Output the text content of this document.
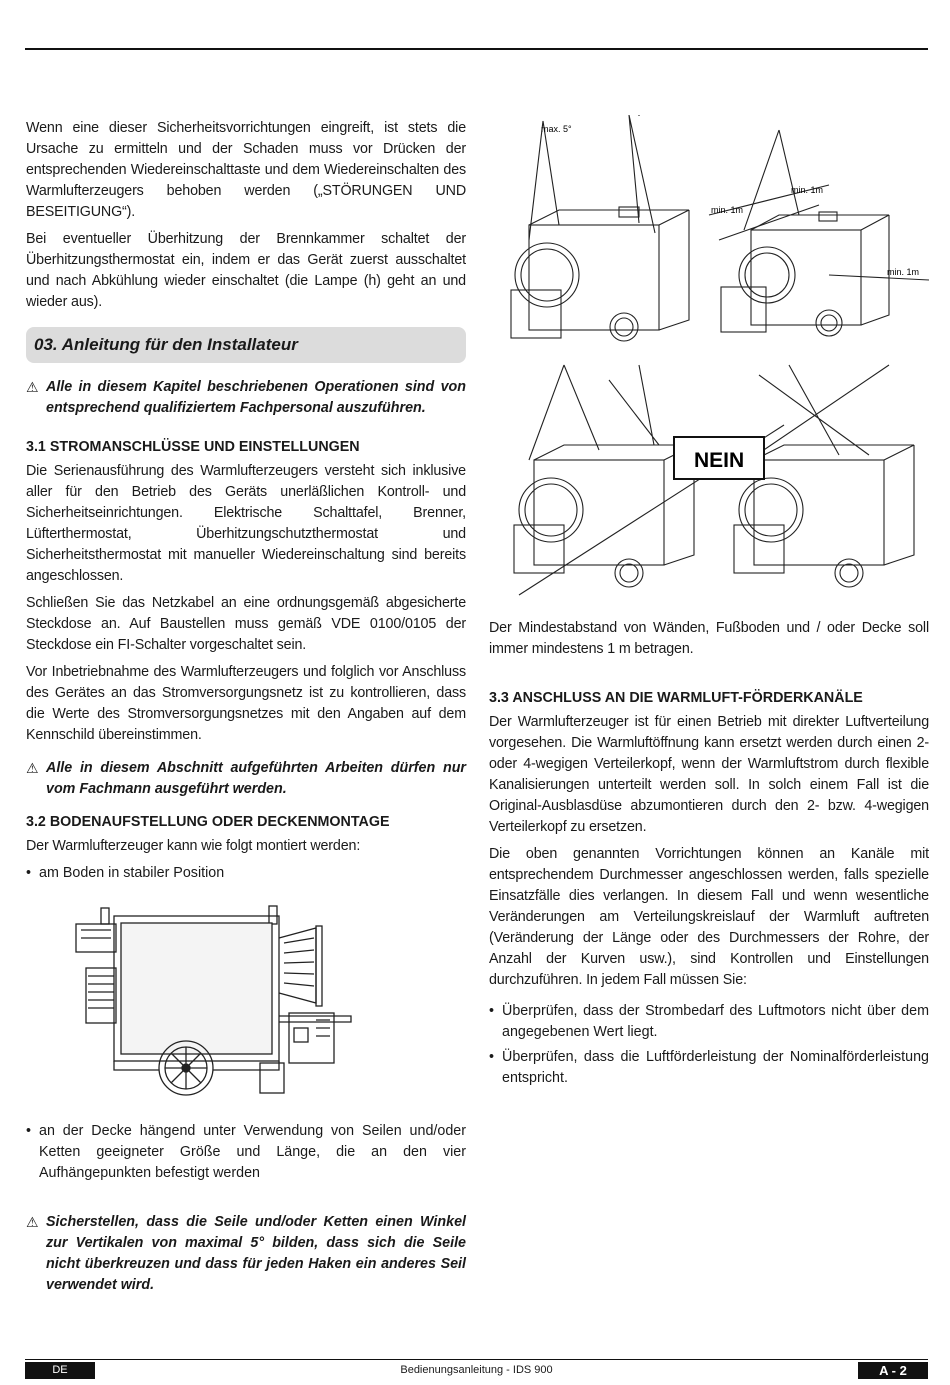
Wenn eine dieser Sicherheitsvorrichtungen eingreift, ist stets die Ursache zu ermitteln und der Schaden muss vor Drücken der entsprechenden Wiedereinschalttaste und dem Wiedereinschalten des Warmlufterzeugers behoben werden („STÖRUNGEN UND BESEITIGUNG“).

Bei eventueller Überhitzung der Brennkammer schaltet der Überhitzungsthermostat ein, indem er das Gerät zuerst ausschaltet und nach Abkühlung wieder einschaltet (die Lampe (h) geht an und wieder aus).

03. Anleitung für den Installateur
⚠ Alle in diesem Kapitel beschriebenen Operationen sind von entsprechend qualifiziertem Fachpersonal auszuführen.
3.1 STROMANSCHLÜSSE UND EINSTELLUNGEN

Die Serienausführung des Warmlufterzeugers versteht sich inklusive aller für den Betrieb des Geräts unerläßlichen Kontroll- und Sicherheitseinrichtungen. Elektrische Schalttafel, Brenner, Lüfterthermostat, Überhitzungschutzthermostat und Sicherheitsthermostat mit manueller Wiedereinschaltung sind bereits angeschlossen.

Schließen Sie das Netzkabel an eine ordnungsgemäß abgesicherte Steckdose an. Auf Baustellen muss gemäß VDE 0100/0105 der Steckdose ein FI-Schalter vorgeschaltet sein.

Vor Inbetriebnahme des Warmlufterzeugers und folglich vor Anschluss des Gerätes an das Stromversorgungsnetz ist zu kontrollieren, dass die Werte des Stromversorgungsnetzes mit den Angaben auf dem Kennschild übereinstimmen.

⚠ Alle in diesem Abschnitt aufgeführten Arbeiten dürfen nur vom Fachmann ausgeführt werden.
3.2 BODENAUFSTELLUNG ODER DECKENMONTAGE

Der Warmlufterzeuger kann wie folgt montiert werden:

• am Boden in stabiler Position
• an der Decke hängend unter Verwendung von Seilen und/oder Ketten geeigneter Größe und Länge, die an den vier Aufhängepunkten befestigt werden
⚠ Sicherstellen, dass die Seile und/oder Ketten einen Winkel zur Vertikalen von maximal 5° bilden, dass sich die Seile nicht überkreuzen und dass für jeden Haken ein anderes Seil verwendet wird.
max. 5°
min. 1m
min. 1m
min. 1m
NEIN

Der Mindestabstand von Wänden, Fußboden und / oder Decke soll immer mindestens 1 m betragen.

3.3 ANSCHLUSS AN DIE WARMLUFT-FÖRDERKANÄLE

Der Warmlufterzeuger ist für einen Betrieb mit direkter Luftverteilung vorgesehen. Die Warmluftöffnung kann ersetzt werden durch einen 2- oder 4-wegigen Verteilerkopf, wenn der Warmluftstrom durch flexible Kanalisierungen unterteilt werden soll. In solch einem Fall ist die Original-Ausblasdüse abzumontieren durch den 2- bzw. 4-wegigen Verteilerkopf zu ersetzen.

Die oben genannten Vorrichtungen können an Kanäle mit entsprechendem Durchmesser angeschlossen werden, falls spezielle Einsatzfälle dies verlangen. In diesem Fall und wenn wesentliche Veränderungen am Verteilungskreislauf der Warmluft auftreten (Veränderung der Länge oder des Durchmessers der Rohre, der Anzahl der Kurven usw.), sind Kontrollen und Einstellungen durchzuführen. In jedem Fall müssen Sie:

• Überprüfen, dass der Strombedarf des Luftmotors nicht über dem angegebenen Wert liegt.
• Überprüfen, dass die Luftförderleistung der Nominalförderleistung entspricht.
DE	Bedienungsanleitung - IDS 900	A - 2
